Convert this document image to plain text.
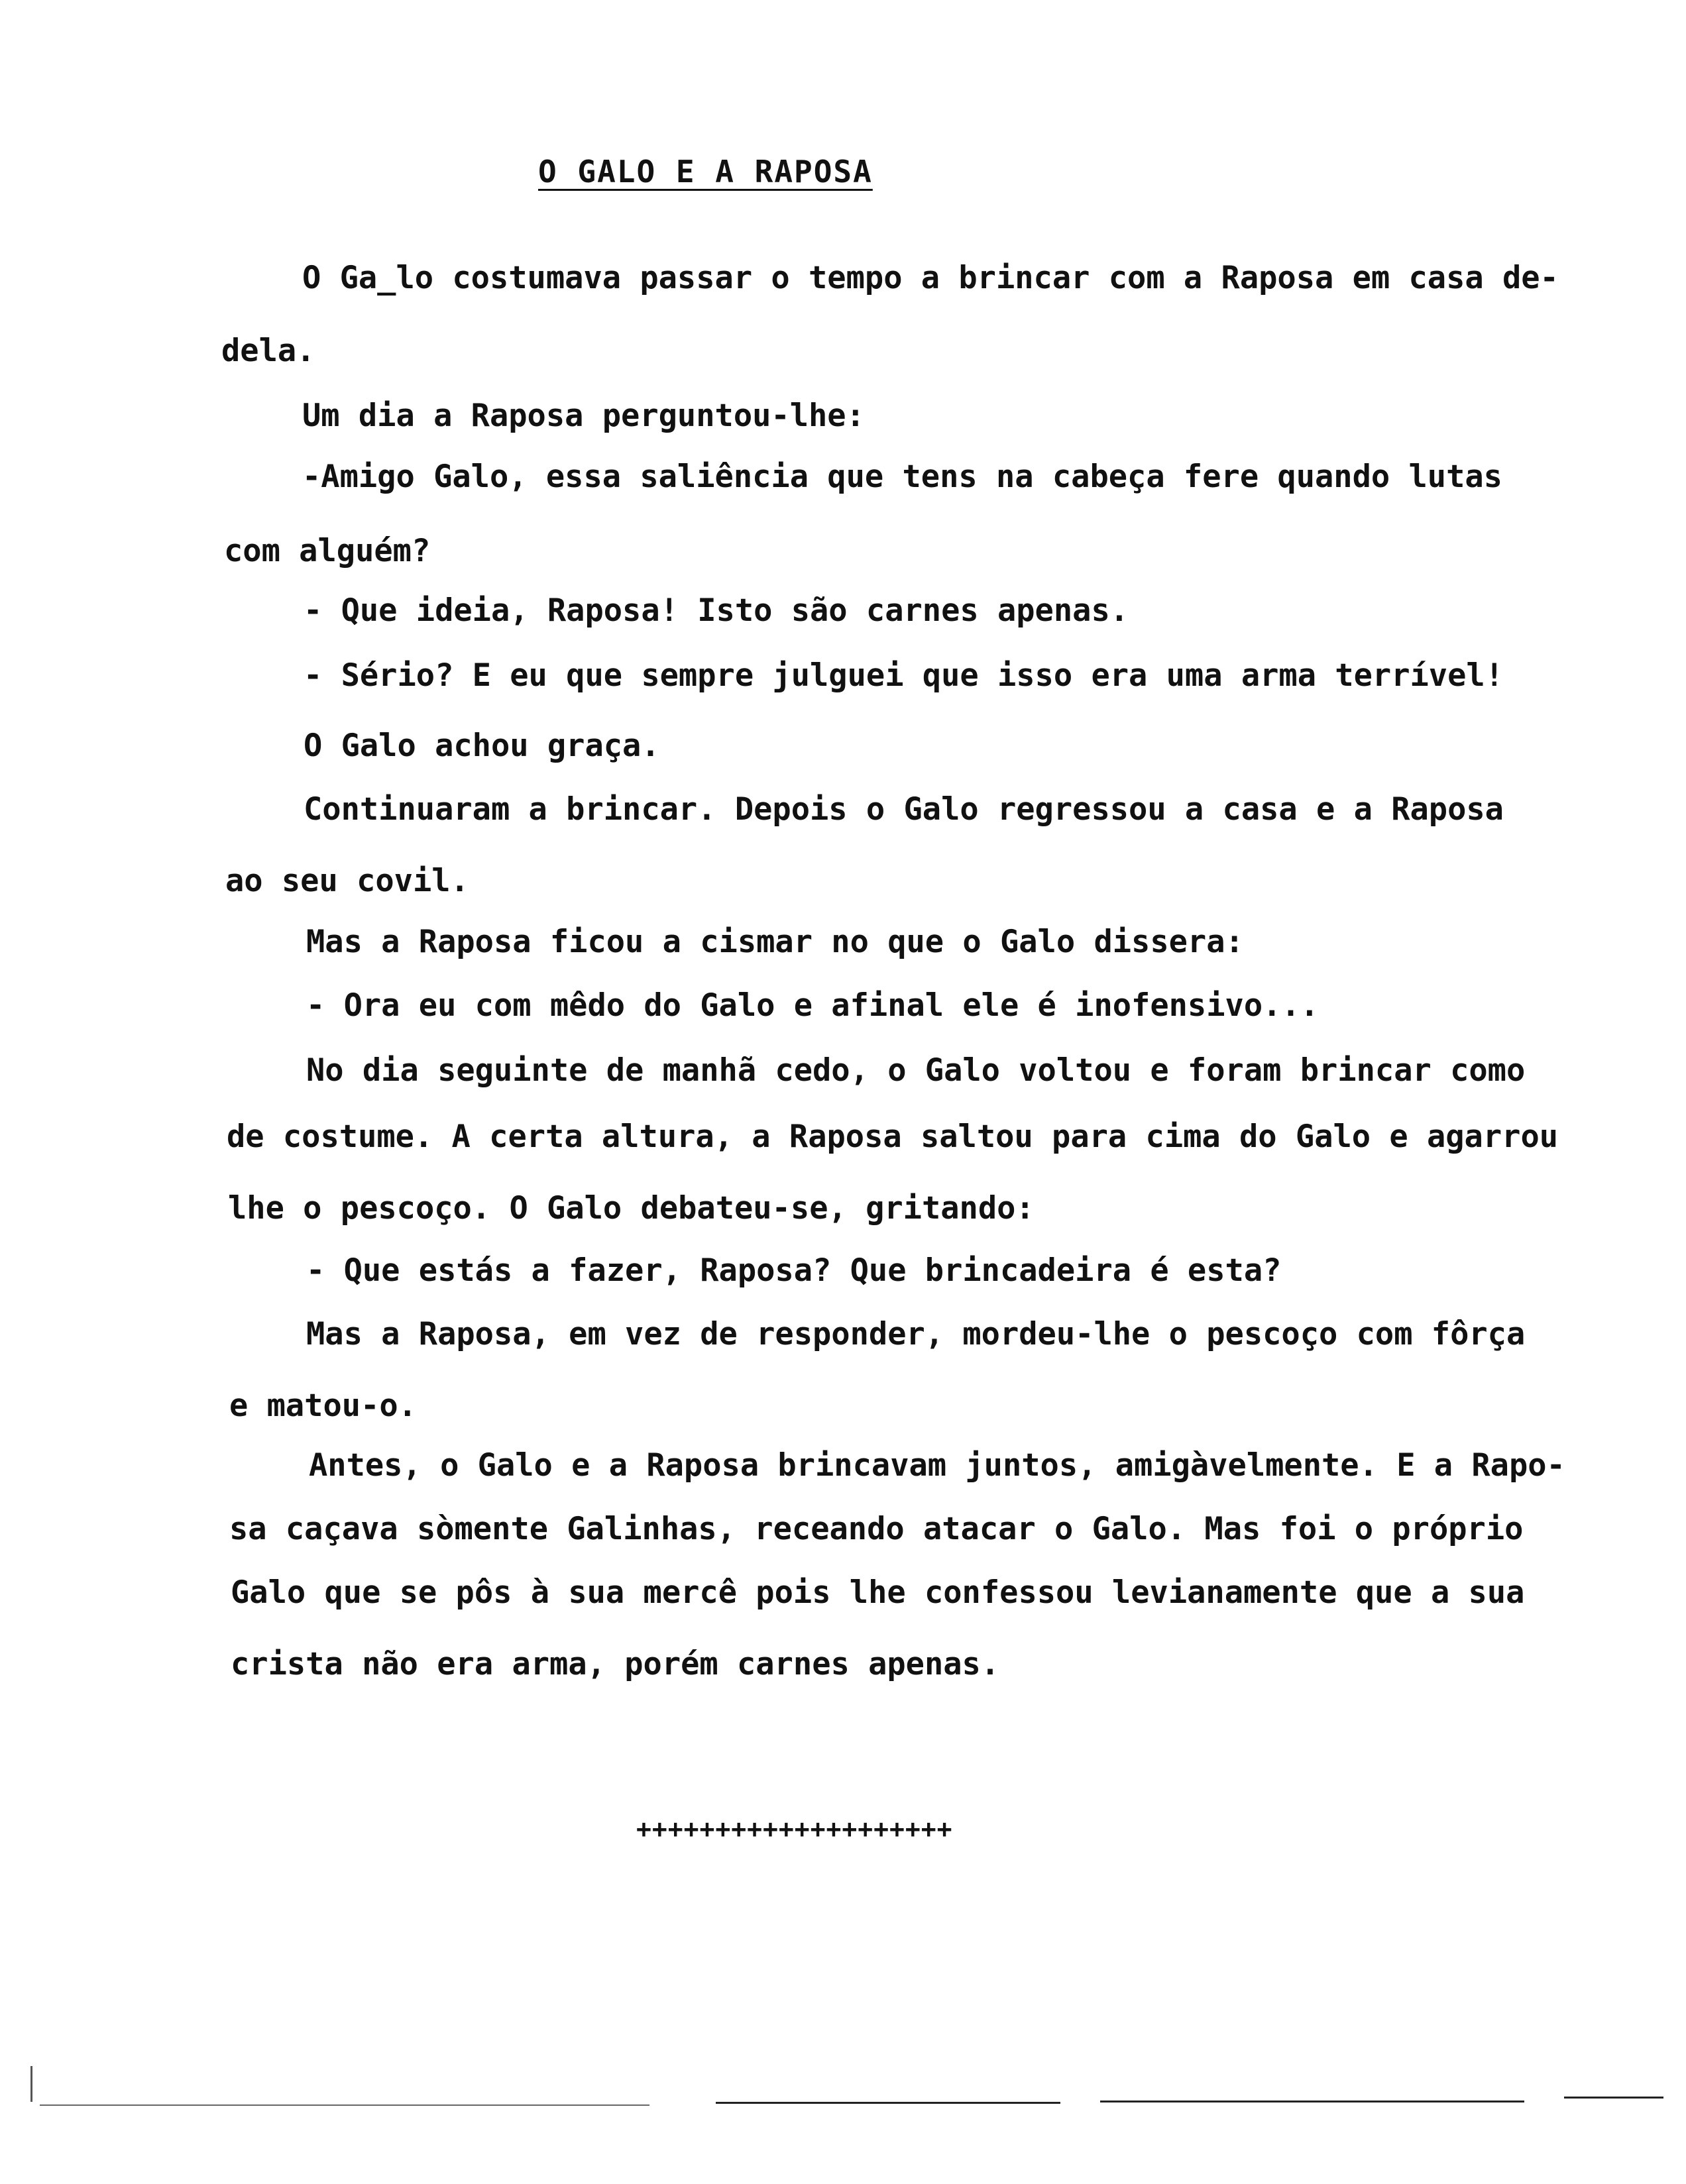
O GALO E A RAPOSA
O Ga_lo costumava passar o tempo a brincar com a Raposa em casa de-
dela.
Um dia a Raposa perguntou-lhe:
-Amigo Galo, essa saliência que tens na cabeça fere quando lutas
com alguém?
- Que ideia, Raposa! Isto são carnes apenas.
- Sério? E eu que sempre julguei que isso era uma arma terrível!
O Galo achou graça.
Continuaram a brincar. Depois o Galo regressou a casa e a Raposa
ao seu covil.
Mas a Raposa ficou a cismar no que o Galo dissera:
- Ora eu com mêdo do Galo e afinal ele é inofensivo...
No dia seguinte de manhã cedo, o Galo voltou e foram brincar como
de costume. A certa altura, a Raposa saltou para cima do Galo e agarrou
lhe o pescoço. O Galo debateu-se, gritando:
- Que estás a fazer, Raposa? Que brincadeira é esta?
Mas a Raposa, em vez de responder, mordeu-lhe o pescoço com fôrça
e matou-o.
Antes, o Galo e a Raposa brincavam juntos, amigàvelmente. E a Rapo-
sa caçava sòmente Galinhas, receando atacar o Galo. Mas foi o próprio
Galo que se pôs à sua mercê pois lhe confessou levianamente que a sua
crista não era arma, porém carnes apenas.
++++++++++++++++++++
